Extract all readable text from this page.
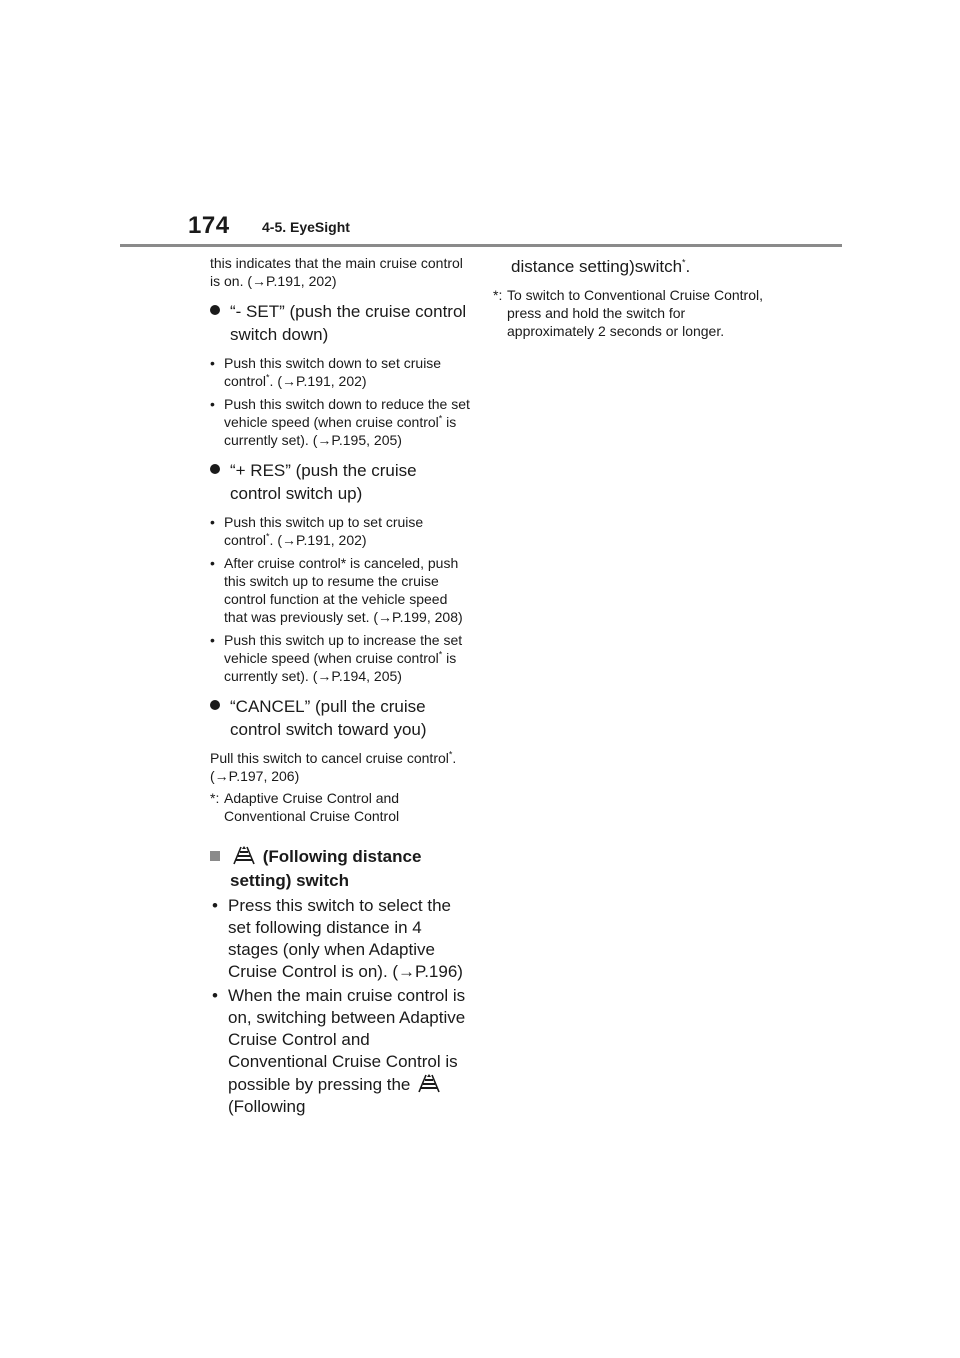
174 4-5. EyeSight
this indicates that the main cruise control is on. (→P.191, 202)
“- SET” (push the cruise control switch down)
• Push this switch down to set cruise control*. (→P.191, 202)
• Push this switch down to reduce the set vehicle speed (when cruise control* is currently set). (→P.195, 205)
“+ RES” (push the cruise control switch up)
• Push this switch up to set cruise control*. (→P.191, 202)
• After cruise control* is canceled, push this switch up to resume the cruise control function at the vehicle speed that was previously set. (→P.199, 208)
• Push this switch up to increase the set vehicle speed (when cruise control* is currently set). (→P.194, 205)
“CANCEL” (pull the cruise control switch toward you)
Pull this switch to cancel cruise control*. (→P.197, 206)
*: Adaptive Cruise Control and Conventional Cruise Control
(Following distance setting) switch
• Press this switch to select the set following distance in 4 stages (only when Adaptive Cruise Control is on). (→P.196)
• When the main cruise control is on, switching between Adaptive Cruise Control and Conventional Cruise Control is possible by pressing the  (Following
distance setting)switch*.
*: To switch to Conventional Cruise Control, press and hold the switch for approximately 2 seconds or longer.
